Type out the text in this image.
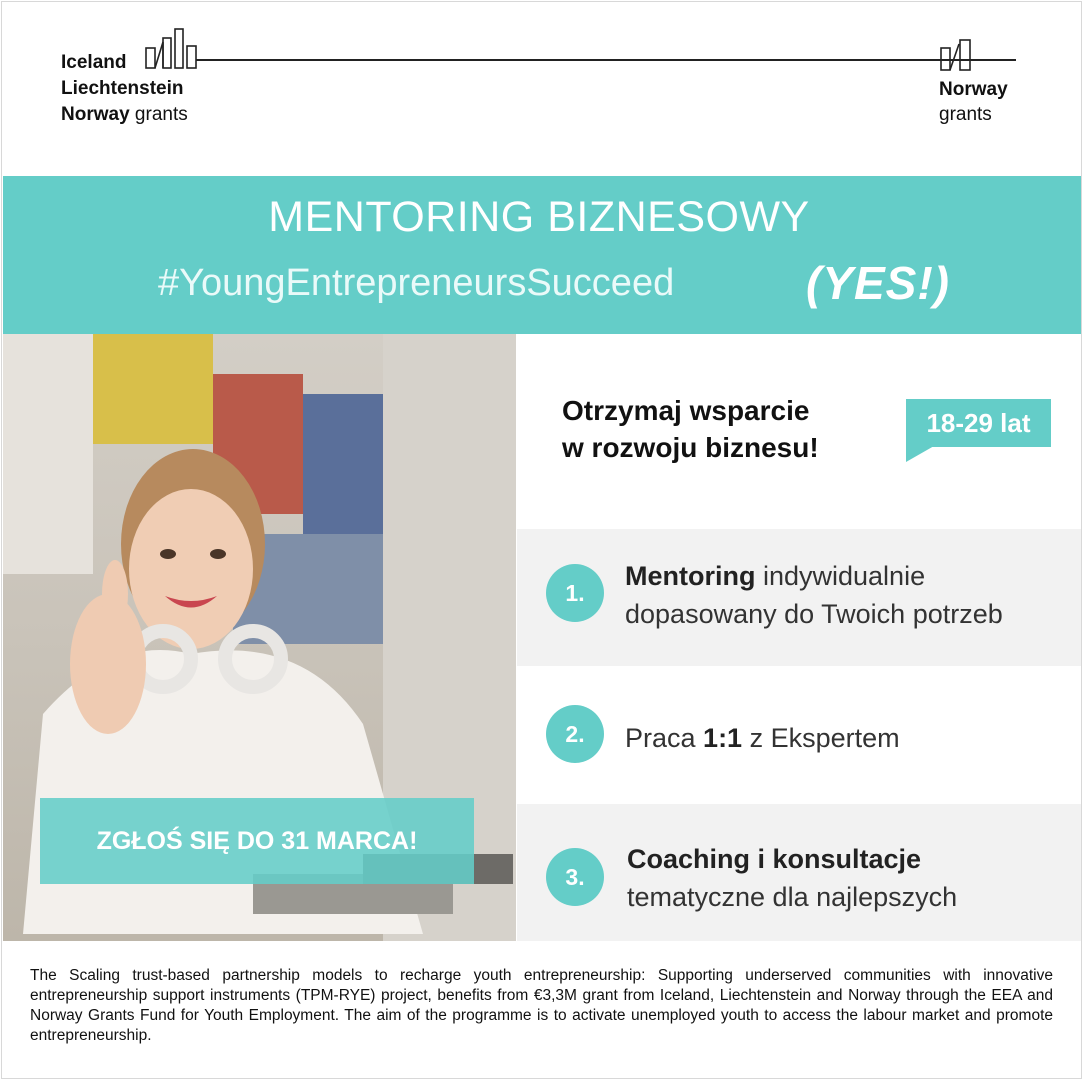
Iceland
Liechtenstein
Norway grants
Norway
grants
MENTORING BIZNESOWY
#YoungEntrepreneursSucceed	(YES!)
ZGŁOŚ SIĘ DO 31 MARCA!
Otrzymaj wsparcie
w rozwoju biznesu!
18-29 lat
1.
Mentoring indywidualnie
dopasowany do Twoich potrzeb
2.	Praca 1:1 z Ekspertem
3.
Coaching i konsultacje
tematyczne dla najlepszych
The Scaling trust-based partnership models to recharge youth entrepreneurship: Supporting underserved communities with innovative entrepreneurship support instruments (TPM-RYE) project, benefits from €3,3M grant from Iceland, Liechtenstein and Norway through the EEA and Norway Grants Fund for Youth Employment. The aim of the programme is to activate unemployed youth to access the labour market and promote entrepreneurship.
